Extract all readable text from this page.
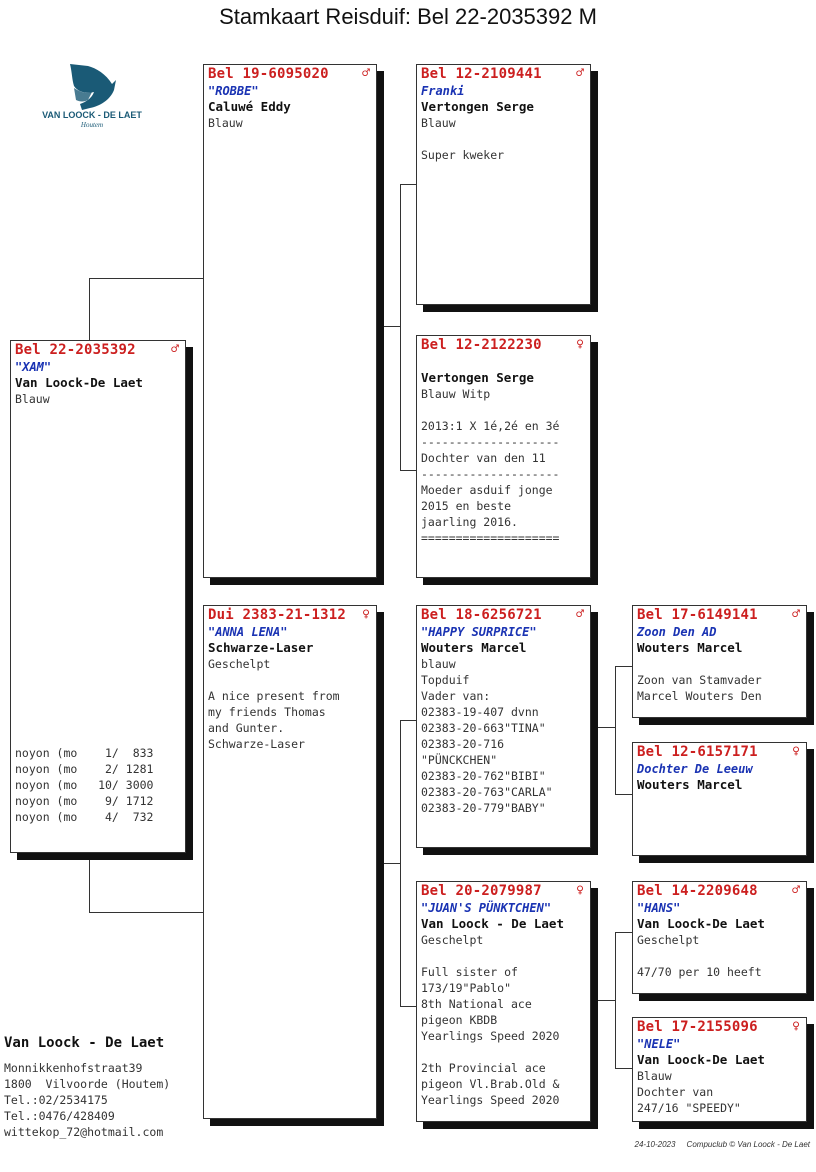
Stamkaart Reisduif: Bel 22-2035392 M
VAN LOOCK - DE LAET
Houtem
Bel 22-2035392	♂
"XAM"
Van Loock-De Laet
Blauw
noyon (mo    1/  833
noyon (mo    2/ 1281
noyon (mo   10/ 3000
noyon (mo    9/ 1712
noyon (mo    4/  732
Bel 19-6095020	♂
"ROBBE"
Caluwé Eddy
Blauw
Dui 2383-21-1312	♀
"ANNA LENA"
Schwarze-Laser
Geschelpt
A nice present from
my friends Thomas
and Gunter.
Schwarze-Laser
Bel 12-2109441	♂
Franki
Vertongen Serge
Blauw
Super kweker
Bel 12-2122230	♀
Vertongen Serge
Blauw Witp
2013:1 X 1é,2é en 3é
--------------------
Dochter van den 11
--------------------
Moeder asduif jonge
2015 en beste
jaarling 2016.
====================
Bel 18-6256721	♂
"HAPPY SURPRICE"
Wouters Marcel
blauw
Topduif
Vader van:
02383-19-407 dvnn
02383-20-663"TINA"
02383-20-716
"PÜNCKCHEN"
02383-20-762"BIBI"
02383-20-763"CARLA"
02383-20-779"BABY"
Bel 20-2079987	♀
"JUAN'S PÜNKTCHEN"
Van Loock - De Laet
Geschelpt
Full sister of
173/19"Pablo"
8th National ace
pigeon KBDB
Yearlings Speed 2020
2th Provincial ace
pigeon Vl.Brab.Old &
Yearlings Speed 2020
Bel 17-6149141	♂
Zoon Den AD
Wouters Marcel
Zoon van Stamvader
Marcel Wouters Den
Bel 12-6157171	♀
Dochter De Leeuw
Wouters Marcel
Bel 14-2209648	♂
"HANS"
Van Loock-De Laet
Geschelpt
47/70 per 10 heeft
Bel 17-2155096	♀
"NELE"
Van Loock-De Laet
Blauw
Dochter van
247/16 "SPEEDY"
Van Loock - De Laet
Monnikkenhofstraat39
1800  Vilvoorde (Houtem)
Tel.:02/2534175
Tel.:0476/428409
wittekop_72@hotmail.com
24-10-2023 Compuclub © Van Loock - De Laet
